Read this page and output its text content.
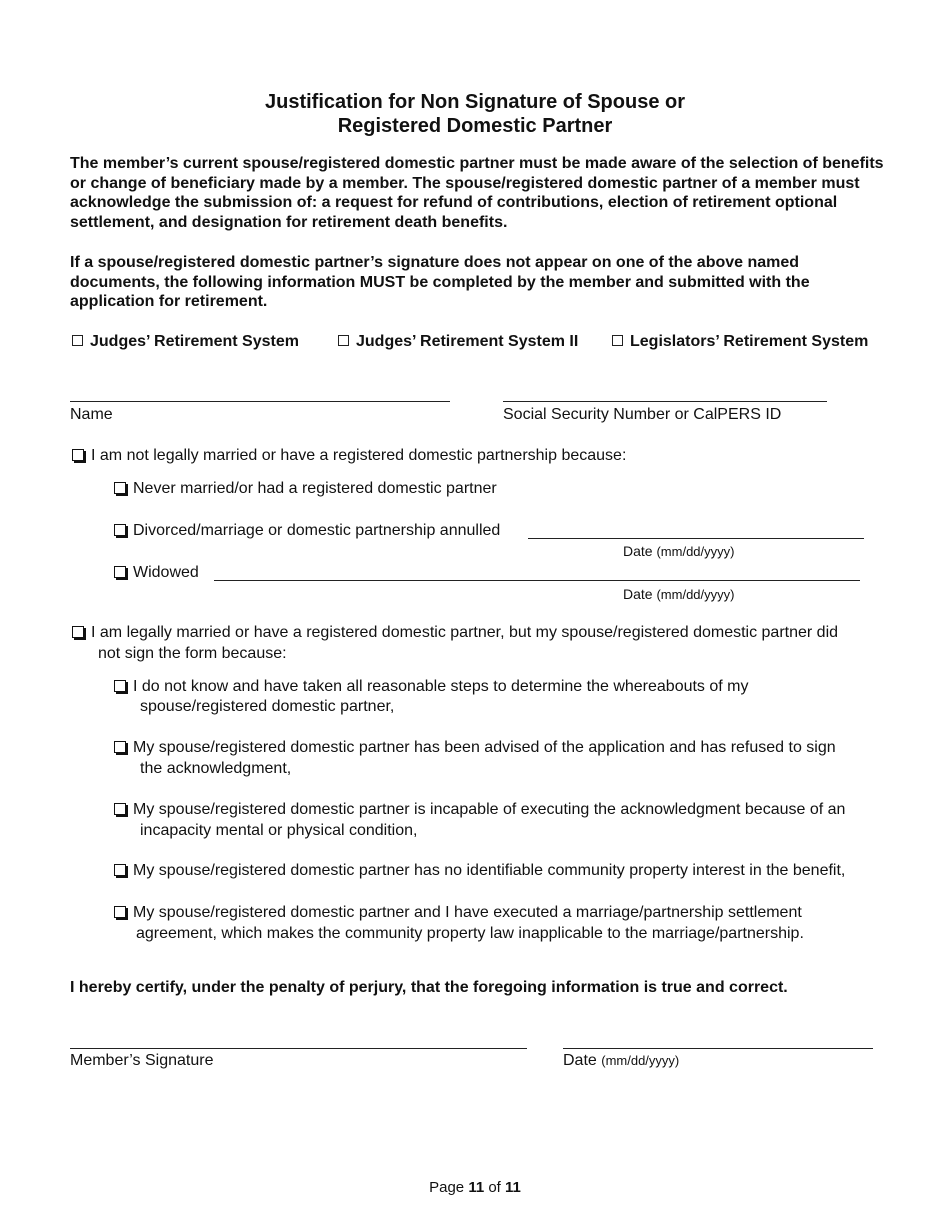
Justification for Non Signature of Spouse or
Registered Domestic Partner
The member’s current spouse/registered domestic partner must be made aware of the selection of benefits or change of beneficiary made by a member. The spouse/registered domestic partner of a member must acknowledge the submission of: a request for refund of contributions, election of retirement optional settlement, and designation for retirement death benefits.
If a spouse/registered domestic partner’s signature does not appear on one of the above named documents, the following information MUST be completed by the member and submitted with the application for retirement.
Judges’ Retirement System	Judges’ Retirement System II	Legislators’ Retirement System
Name	Social Security Number or CalPERS ID
I am not legally married or have a registered domestic partnership because:
Never married/or had a registered domestic partner
Divorced/marriage or domestic partnership annulled
Date (mm/dd/yyyy)
Widowed
Date (mm/dd/yyyy)
I am legally married or have a registered domestic partner, but my spouse/registered domestic partner did
not sign the form because:
I do not know and have taken all reasonable steps to determine the whereabouts of my
spouse/registered domestic partner,
My spouse/registered domestic partner has been advised of the application and has refused to sign
the acknowledgment,
My spouse/registered domestic partner is incapable of executing the acknowledgment because of an
incapacity mental or physical condition,
My spouse/registered domestic partner has no identifiable community property interest in the benefit,
My spouse/registered domestic partner and I have executed a marriage/partnership settlement
agreement, which makes the community property law inapplicable to the marriage/partnership.
I hereby certify, under the penalty of perjury, that the foregoing information is true and correct.
Member’s Signature	Date (mm/dd/yyyy)
Page 11 of 11
